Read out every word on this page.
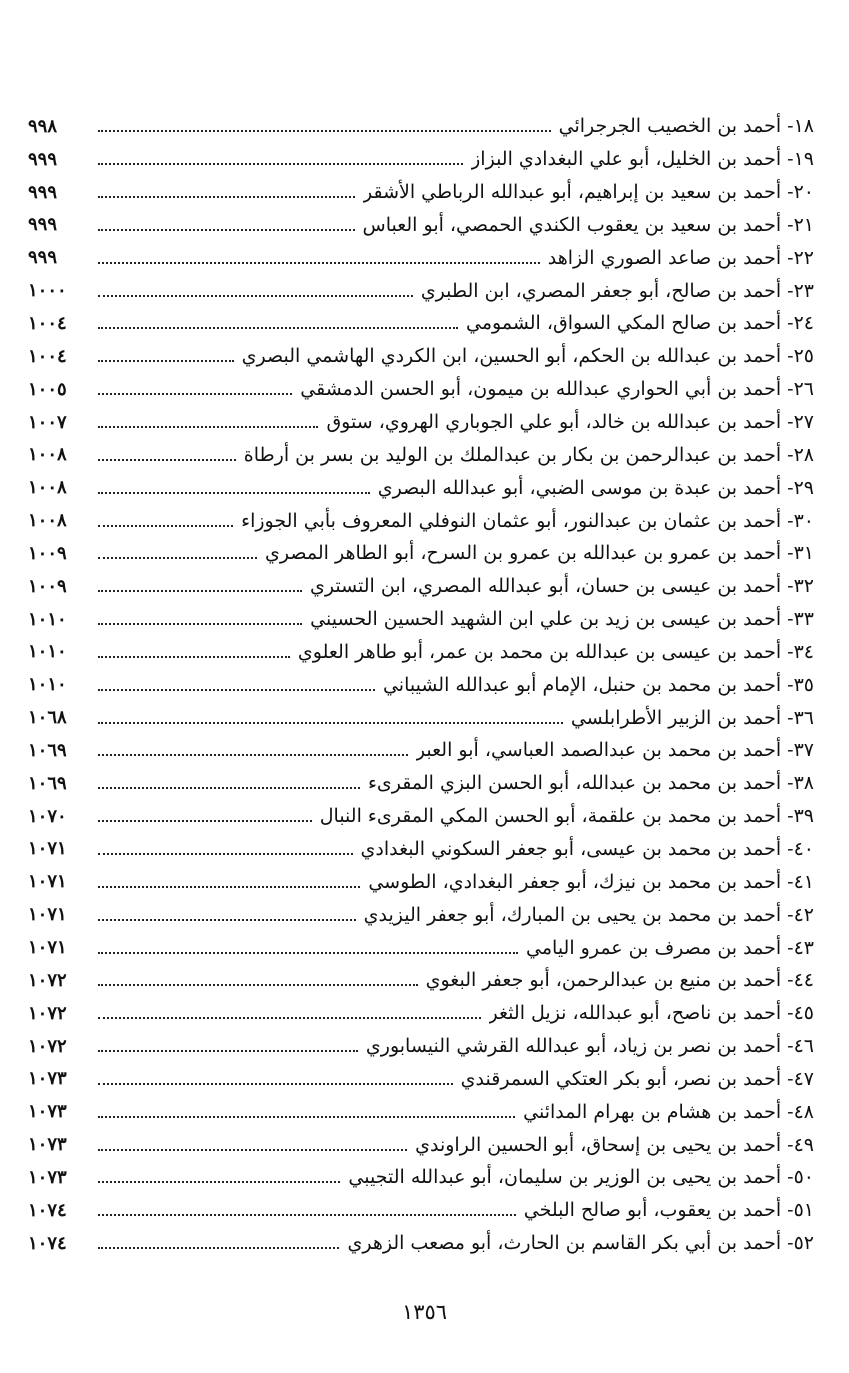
١٨- أحمد بن الخصيب الجرجرائي
٩٩٨
١٩- أحمد بن الخليل، أبو علي البغدادي البزاز
٩٩٩
٢٠- أحمد بن سعيد بن إبراهيم، أبو عبدالله الرباطي الأشقر
٩٩٩
٢١- أحمد بن سعيد بن يعقوب الكندي الحمصي، أبو العباس
٩٩٩
٢٢- أحمد بن صاعد الصوري الزاهد
٩٩٩
٢٣- أحمد بن صالح، أبو جعفر المصري، ابن الطبري
١٠٠٠
٢٤- أحمد بن صالح المكي السواق، الشمومي
١٠٠٤
٢٥- أحمد بن عبدالله بن الحكم، أبو الحسين، ابن الكردي الهاشمي البصري
١٠٠٤
٢٦- أحمد بن أبي الحواري عبدالله بن ميمون، أبو الحسن الدمشقي
١٠٠٥
٢٧- أحمد بن عبدالله بن خالد، أبو علي الجوباري الهروي، ستوق
١٠٠٧
٢٨- أحمد بن عبدالرحمن بن بكار بن عبدالملك بن الوليد بن بسر بن أرطاة
١٠٠٨
٢٩- أحمد بن عبدة بن موسى الضبي، أبو عبدالله البصري
١٠٠٨
٣٠- أحمد بن عثمان بن عبدالنور، أبو عثمان النوفلي المعروف بأبي الجوزاء
١٠٠٨
٣١- أحمد بن عمرو بن عبدالله بن عمرو بن السرح، أبو الطاهر المصري
١٠٠٩
٣٢- أحمد بن عيسى بن حسان، أبو عبدالله المصري، ابن التستري
١٠٠٩
٣٣- أحمد بن عيسى بن زيد بن علي ابن الشهيد الحسين الحسيني
١٠١٠
٣٤- أحمد بن عيسى بن عبدالله بن محمد بن عمر، أبو طاهر العلوي
١٠١٠
٣٥- أحمد بن محمد بن حنبل، الإمام أبو عبدالله الشيباني
١٠١٠
٣٦- أحمد بن الزبير الأطرابلسي
١٠٦٨
٣٧- أحمد بن محمد بن عبدالصمد العباسي، أبو العبر
١٠٦٩
٣٨- أحمد بن محمد بن عبدالله، أبو الحسن البزي المقرىء
١٠٦٩
٣٩- أحمد بن محمد بن علقمة، أبو الحسن المكي المقرىء النبال
١٠٧٠
٤٠- أحمد بن محمد بن عيسى، أبو جعفر السكوني البغدادي
١٠٧١
٤١- أحمد بن محمد بن نيزك، أبو جعفر البغدادي، الطوسي
١٠٧١
٤٢- أحمد بن محمد بن يحيى بن المبارك، أبو جعفر اليزيدي
١٠٧١
٤٣- أحمد بن مصرف بن عمرو اليامي
١٠٧١
٤٤- أحمد بن منيع بن عبدالرحمن، أبو جعفر البغوي
١٠٧٢
٤٥- أحمد بن ناصح، أبو عبدالله، نزيل الثغر
١٠٧٢
٤٦- أحمد بن نصر بن زياد، أبو عبدالله القرشي النيسابوري
١٠٧٢
٤٧- أحمد بن نصر، أبو بكر العتكي السمرقندي
١٠٧٣
٤٨- أحمد بن هشام بن بهرام المدائني
١٠٧٣
٤٩- أحمد بن يحيى بن إسحاق، أبو الحسين الراوندي
١٠٧٣
٥٠- أحمد بن يحيى بن الوزير بن سليمان، أبو عبدالله التجيبي
١٠٧٣
٥١- أحمد بن يعقوب، أبو صالح البلخي
١٠٧٤
٥٢- أحمد بن أبي بكر القاسم بن الحارث، أبو مصعب الزهري
١٠٧٤
١٣٥٦
